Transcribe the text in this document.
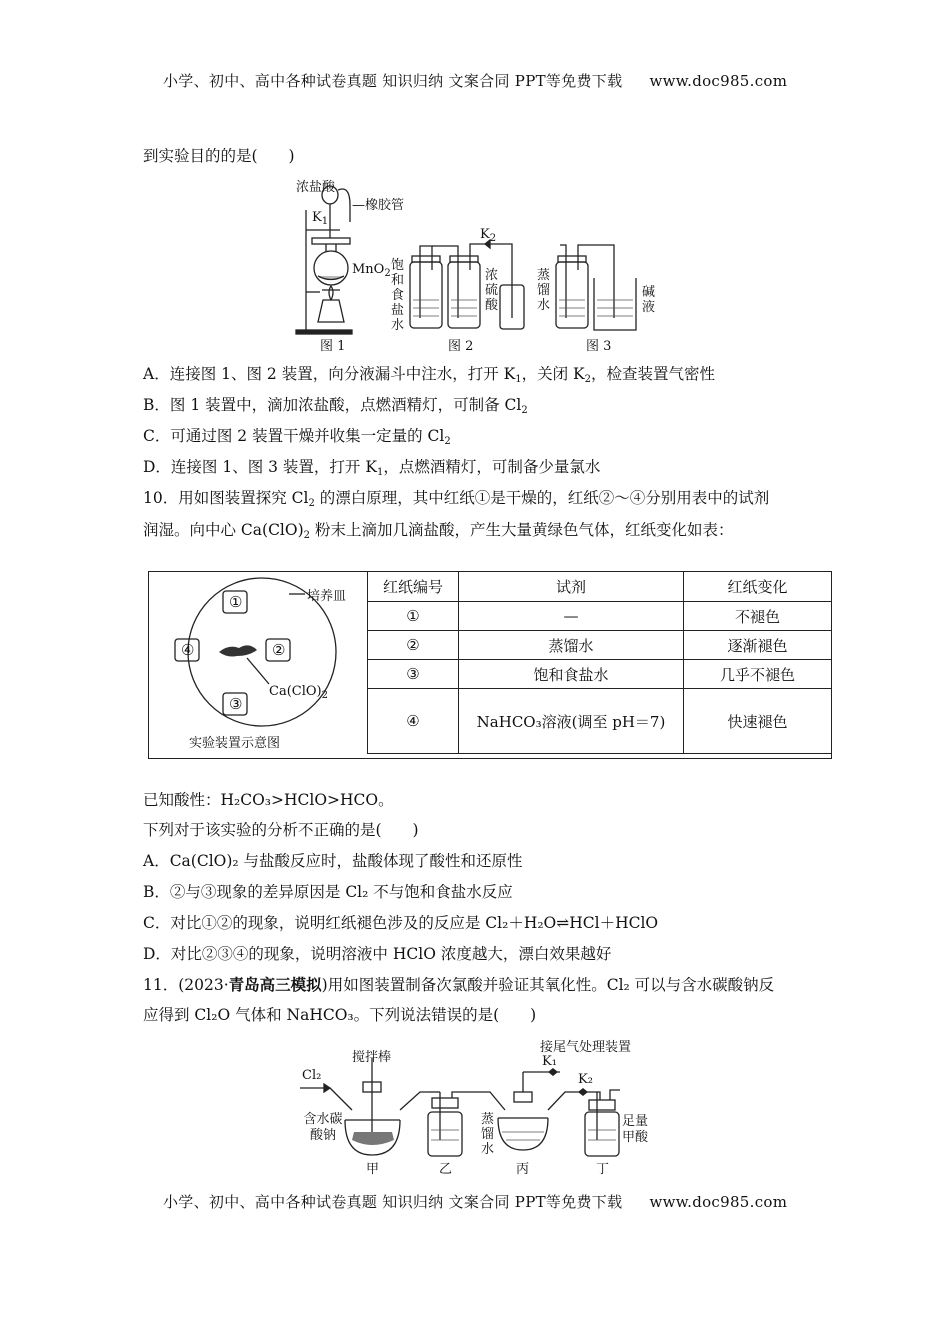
小学、初中、高中各种试卷真题 知识归纳 文案合同 PPT等免费下载 www.doc985.com
小学、初中、高中各种试卷真题 知识归纳 文案合同 PPT等免费下载 www.doc985.com
到实验目的的是(　　)
浓盐酸
—橡胶管
$K_1$
MnO$_2$
饱和食盐水
浓硫酸
$K_2$
蒸馏水
碱液
图 1	图 2	图 3
A．连接图 1、图 2 装置，向分液漏斗中注水，打开 $K_1$，关闭 $K_2$，检查装置气密性
B．图 1 装置中，滴加浓盐酸，点燃酒精灯，可制备 $Cl_2$
C．可通过图 2 装置干燥并收集一定量的 $Cl_2$
D．连接图 1、图 3 装置，打开 $K_1$，点燃酒精灯，可制备少量氯水
10．用如图装置探究 $Cl_2$ 的漂白原理，其中红纸①是干燥的，红纸②～④分别用表中的试剂
润湿。向中心 $Ca(ClO)_2$ 粉末上滴加几滴盐酸，产生大量黄绿色气体，红纸变化如表：
培养皿
①
②
④
③
$Ca(ClO)_2$
实验装置示意图
红纸编号	试剂	红纸变化
①	—	不褪色
②	蒸馏水	逐渐褪色
③	饱和食盐水	几乎不褪色
④	NaHCO₃溶液(调至 pH＝7)	快速褪色
已知酸性：H₂CO₃>HClO>HCO。
下列对于该实验的分析不正确的是(　　)
A．Ca(ClO)₂ 与盐酸反应时，盐酸体现了酸性和还原性
B．②与③现象的差异原因是 Cl₂ 不与饱和食盐水反应
C．对比①②的现象，说明红纸褪色涉及的反应是 Cl₂＋H₂O⇌HCl＋HClO
D．对比②③④的现象，说明溶液中 HClO 浓度越大，漂白效果越好
11．(2023·青岛高三模拟)用如图装置制备次氯酸并验证其氧化性。Cl₂ 可以与含水碳酸钠反
应得到 Cl₂O 气体和 NaHCO₃。下列说法错误的是(　　)
搅拌棒
接尾气处理装置
Cl₂
K₁
K₂
含水碳酸钠
蒸馏水
足量甲酸
甲	乙	丙	丁
